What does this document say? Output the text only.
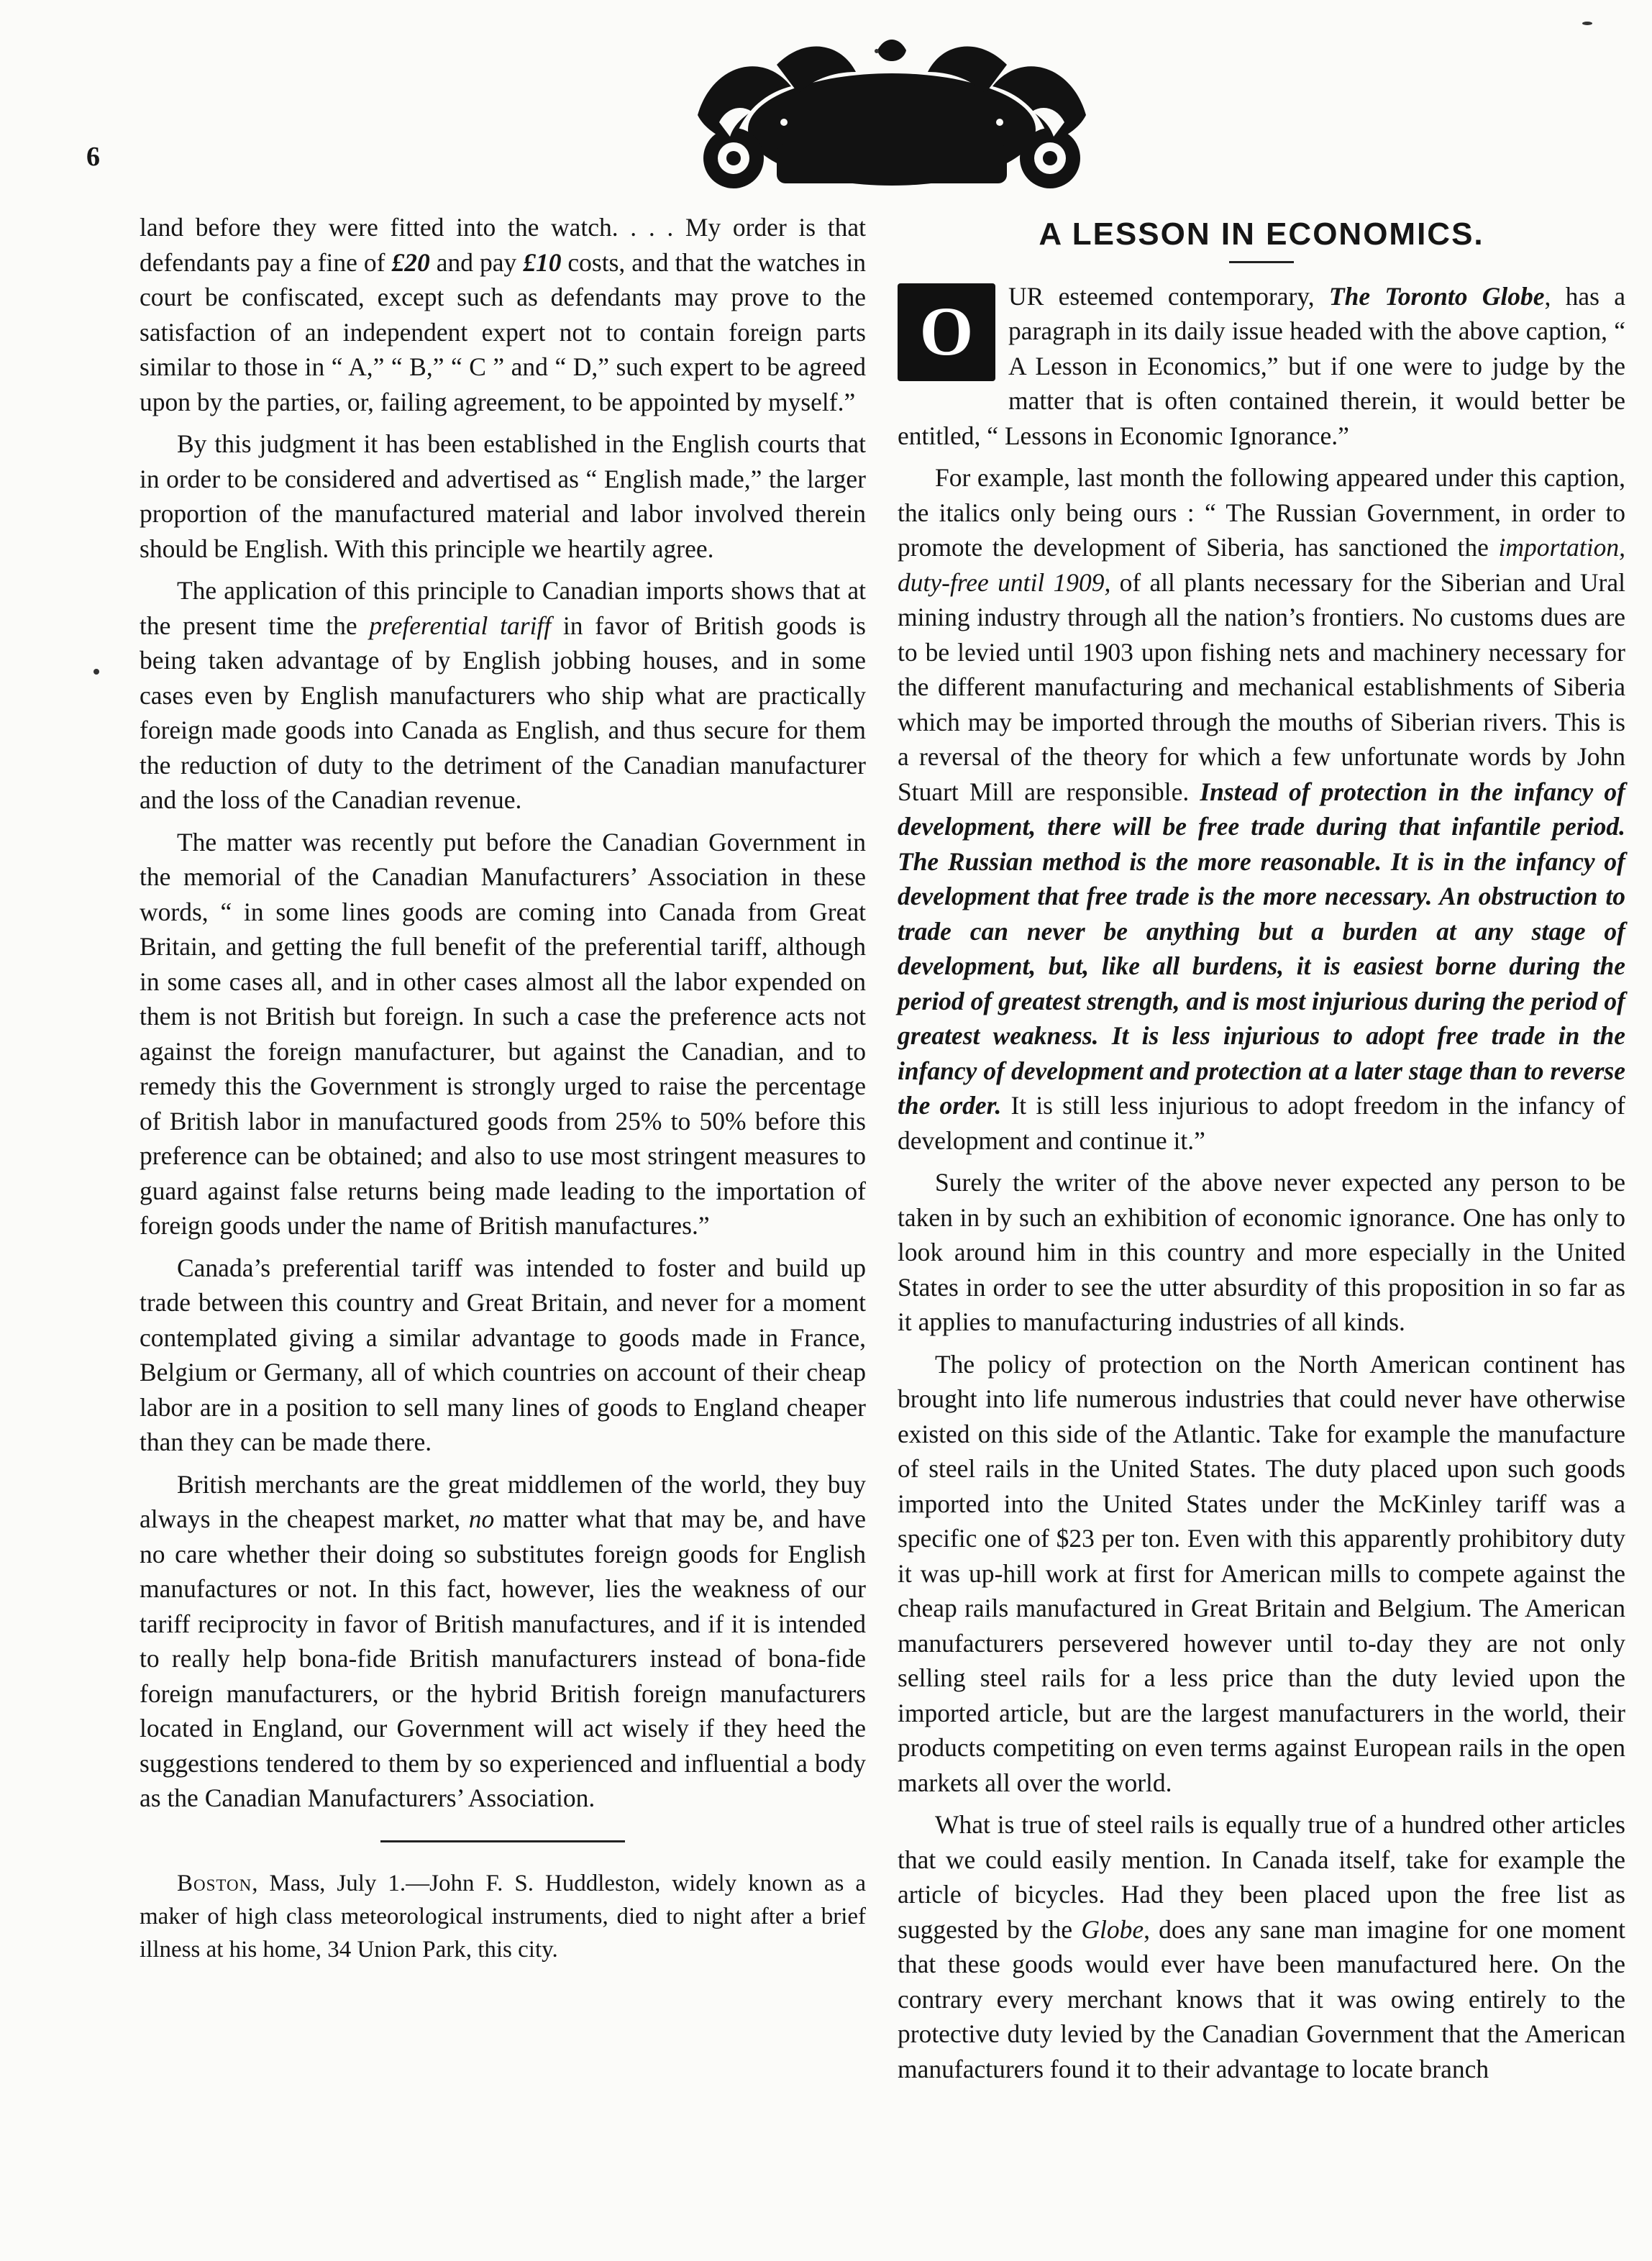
6

land before they were fitted into the watch. . . . My order is that defendants pay a fine of £20 and pay £10 costs, and that the watches in court be confiscated, except such as defendants may prove to the satisfaction of an independent expert not to contain foreign parts similar to those in “ A,” “ B,” “ C ” and “ D,” such expert to be agreed upon by the parties, or, failing agreement, to be appointed by myself.”

By this judgment it has been established in the English courts that in order to be considered and advertised as “ English made,” the larger proportion of the manufactured material and labor involved therein should be English. With this principle we heartily agree.

The application of this principle to Canadian imports shows that at the present time the preferential tariff in favor of British goods is being taken advantage of by English jobbing houses, and in some cases even by English manufacturers who ship what are practically foreign made goods into Canada as English, and thus secure for them the reduction of duty to the detriment of the Canadian manufacturer and the loss of the Canadian revenue.

The matter was recently put before the Canadian Government in the memorial of the Canadian Manufacturers’ Association in these words, “ in some lines goods are coming into Canada from Great Britain, and getting the full benefit of the preferential tariff, although in some cases all, and in other cases almost all the labor expended on them is not British but foreign. In such a case the preference acts not against the foreign manufacturer, but against the Canadian, and to remedy this the Government is strongly urged to raise the percentage of British labor in manufactured goods from 25% to 50% before this preference can be obtained; and also to use most stringent measures to guard against false returns being made leading to the importation of foreign goods under the name of British manufactures.”

Canada’s preferential tariff was intended to foster and build up trade between this country and Great Britain, and never for a moment contemplated giving a similar advantage to goods made in France, Belgium or Germany, all of which countries on account of their cheap labor are in a position to sell many lines of goods to England cheaper than they can be made there.

British merchants are the great middlemen of the world, they buy always in the cheapest market, no matter what that may be, and have no care whether their doing so substitutes foreign goods for English manufactures or not. In this fact, however, lies the weakness of our tariff reciprocity in favor of British manufactures, and if it is intended to really help bona-fide British manufacturers instead of bona-fide foreign manufacturers, or the hybrid British foreign manufacturers located in England, our Government will act wisely if they heed the suggestions tendered to them by so experienced and influential a body as the Canadian Manufacturers’ Association.

Boston, Mass, July 1.—John F. S. Huddleston, widely known as a maker of high class meteorological instruments, died to night after a brief illness at his home, 34 Union Park, this city.

A LESSON IN ECONOMICS.

O	UR esteemed contemporary, The Toronto Globe, has a paragraph in its daily issue headed with the above caption, “ A Lesson in Economics,” but if one were to judge by the matter that is often contained therein, it would better be entitled, “ Lessons in Economic Ignorance.”

For example, last month the following appeared under this caption, the italics only being ours : “ The Russian Government, in order to promote the development of Siberia, has sanctioned the importation, duty-free until 1909, of all plants necessary for the Siberian and Ural mining industry through all the nation’s frontiers. No customs dues are to be levied until 1903 upon fishing nets and machinery necessary for the different manufacturing and mechanical establishments of Siberia which may be imported through the mouths of Siberian rivers. This is a reversal of the theory for which a few unfortunate words by John Stuart Mill are responsible. Instead of protection in the infancy of development, there will be free trade during that infantile period. The Russian method is the more reasonable. It is in the infancy of development that free trade is the more necessary. An obstruction to trade can never be anything but a burden at any stage of development, but, like all burdens, it is easiest borne during the period of greatest strength, and is most injurious during the period of greatest weakness. It is less injurious to adopt free trade in the infancy of development and protection at a later stage than to reverse the order. It is still less injurious to adopt freedom in the infancy of development and continue it.”

Surely the writer of the above never expected any person to be taken in by such an exhibition of economic ignorance. One has only to look around him in this country and more especially in the United States in order to see the utter absurdity of this proposition in so far as it applies to manufacturing industries of all kinds.

The policy of protection on the North American continent has brought into life numerous industries that could never have otherwise existed on this side of the Atlantic. Take for example the manufacture of steel rails in the United States. The duty placed upon such goods imported into the United States under the McKinley tariff was a specific one of $23 per ton. Even with this apparently prohibitory duty it was up-hill work at first for American mills to compete against the cheap rails manufactured in Great Britain and Belgium. The American manufacturers persevered however until to-day they are not only selling steel rails for a less price than the duty levied upon the imported article, but are the largest manufacturers in the world, their products competiting on even terms against European rails in the open markets all over the world.

What is true of steel rails is equally true of a hundred other articles that we could easily mention. In Canada itself, take for example the article of bicycles. Had they been placed upon the free list as suggested by the Globe, does any sane man imagine for one moment that these goods would ever have been manufactured here. On the contrary every merchant knows that it was owing entirely to the protective duty levied by the Canadian Government that the American manufacturers found it to their advantage to locate branch
